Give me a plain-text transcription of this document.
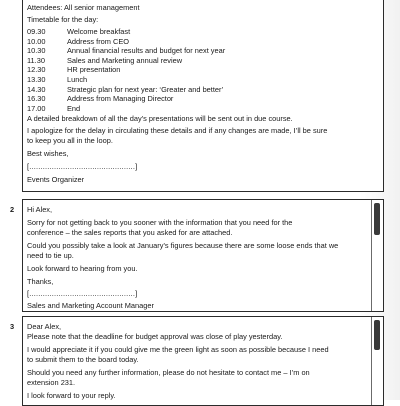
Attendees: All senior management

Timetable for the day:

09.30	Welcome breakfast
10.00	Address from CEO
10.30	Annual financial results and budget for next year
11.30	Sales and Marketing annual review
12.30	HR presentation
13.30	Lunch
14.30	Strategic plan for next year: ‘Greater and better’
16.30	Address from Managing Director
17.00	End

A detailed breakdown of all the day’s presentations will be sent out in due course.

I apologize for the delay in circulating these details and if any changes are made, I’ll be sure

to keep you all in the loop.

Best wishes,

[...............................................]

Events Organizer

2 Hi Alex,

Sorry for not getting back to you sooner with the information that you need for the

conference – the sales reports that you asked for are attached.

Could you possibly take a look at January’s figures because there are some loose ends that we

need to tie up.

Look forward to hearing from you.

Thanks,

[...............................................]

Sales and Marketing Account Manager

3 Dear Alex,

Please note that the deadline for budget approval was close of play yesterday.

I would appreciate it if you could give me the green light as soon as possible because I need

to submit them to the board today.

Should you need any further information, please do not hesitate to contact me – I’m on

extension 231.

I look forward to your reply.
